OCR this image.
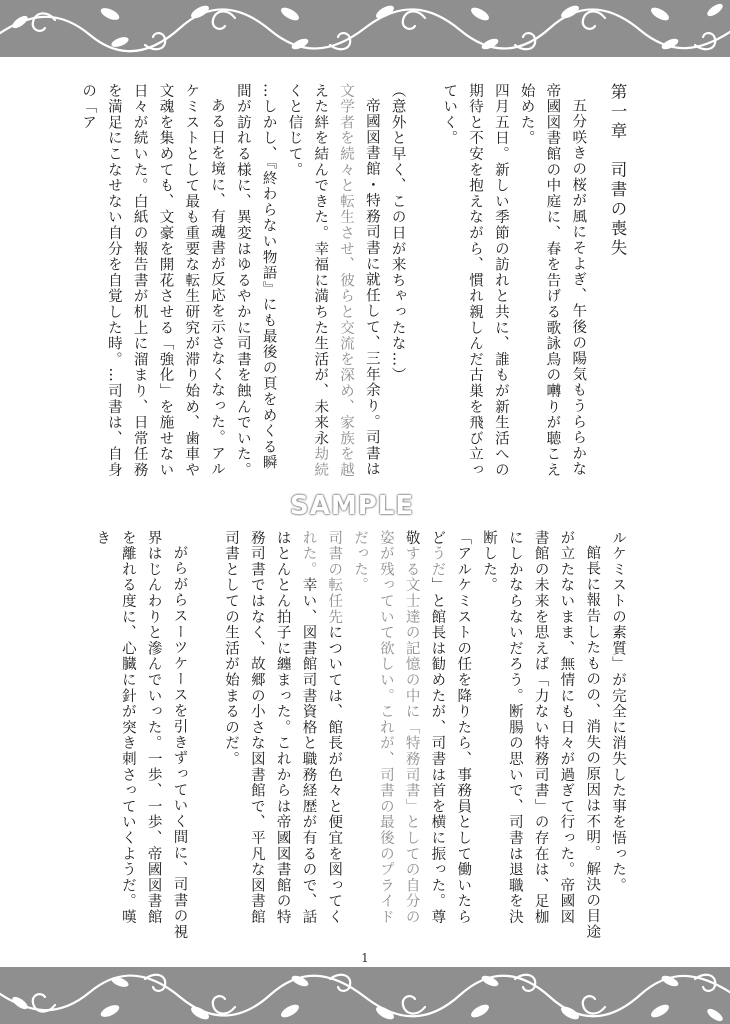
第一章　司書の喪失

五分咲きの桜が風にそよぎ、午後の陽気もうららかな帝國図書館の中庭に、春を告げる歌詠鳥の囀りが聴こえ始めた。

四月五日。新しい季節の訪れと共に、誰もが新生活への期待と不安を抱えながら、慣れ親しんだ古巣を飛び立っていく。

（意外と早く、この日が来ちゃったな…）

帝國図書館・特務司書に就任して、三年余り。司書は文学者を続々と転生させ、彼らと交流を深め、家族を越えた絆を結んできた。幸福に満ちた生活が、未来永劫続くと信じて。

…しかし、『終わらない物語』にも最後の頁をめくる瞬間が訪れる様に、異変はゆるやかに司書を蝕んでいた。

ある日を境に、有魂書が反応を示さなくなった。アルケミストとして最も重要な転生研究が滞り始め、歯車や文魂を集めても、文豪を開花させる「強化」を施せない日々が続いた。白紙の報告書が机上に溜まり、日常任務を満足にこなせない自分を自覚した時。…司書は、自身の「ア

SAMPLE

ルケミストの素質」が完全に消失した事を悟った。

館長に報告したものの、消失の原因は不明。解決の目途が立たないまま、無情にも日々が過ぎて行った。帝國図書館の未来を思えば「力ない特務司書」の存在は、足枷にしかならないだろう。断腸の思いで、司書は退職を決断した。

「アルケミストの任を降りたら、事務員として働いたらどうだ」と館長は勧めたが、司書は首を横に振った。尊敬する文士達の記憶の中に「特務司書」としての自分の姿が残っていて欲しい。これが、司書の最後のプライドだった。

司書の転任先については、館長が色々と便宜を図ってくれた。幸い、図書館司書資格と職務経歴が有るので、話はとんとん拍子に纏まった。これからは帝國図書館の特務司書ではなく、故郷の小さな図書館で、平凡な図書館司書としての生活が始まるのだ。

がらがらスーツケースを引きずっていく間に、司書の視界はじんわりと滲んでいった。一歩、一歩、帝國図書館を離れる度に、心臓に針が突き刺さっていくようだ。嘆き

1
